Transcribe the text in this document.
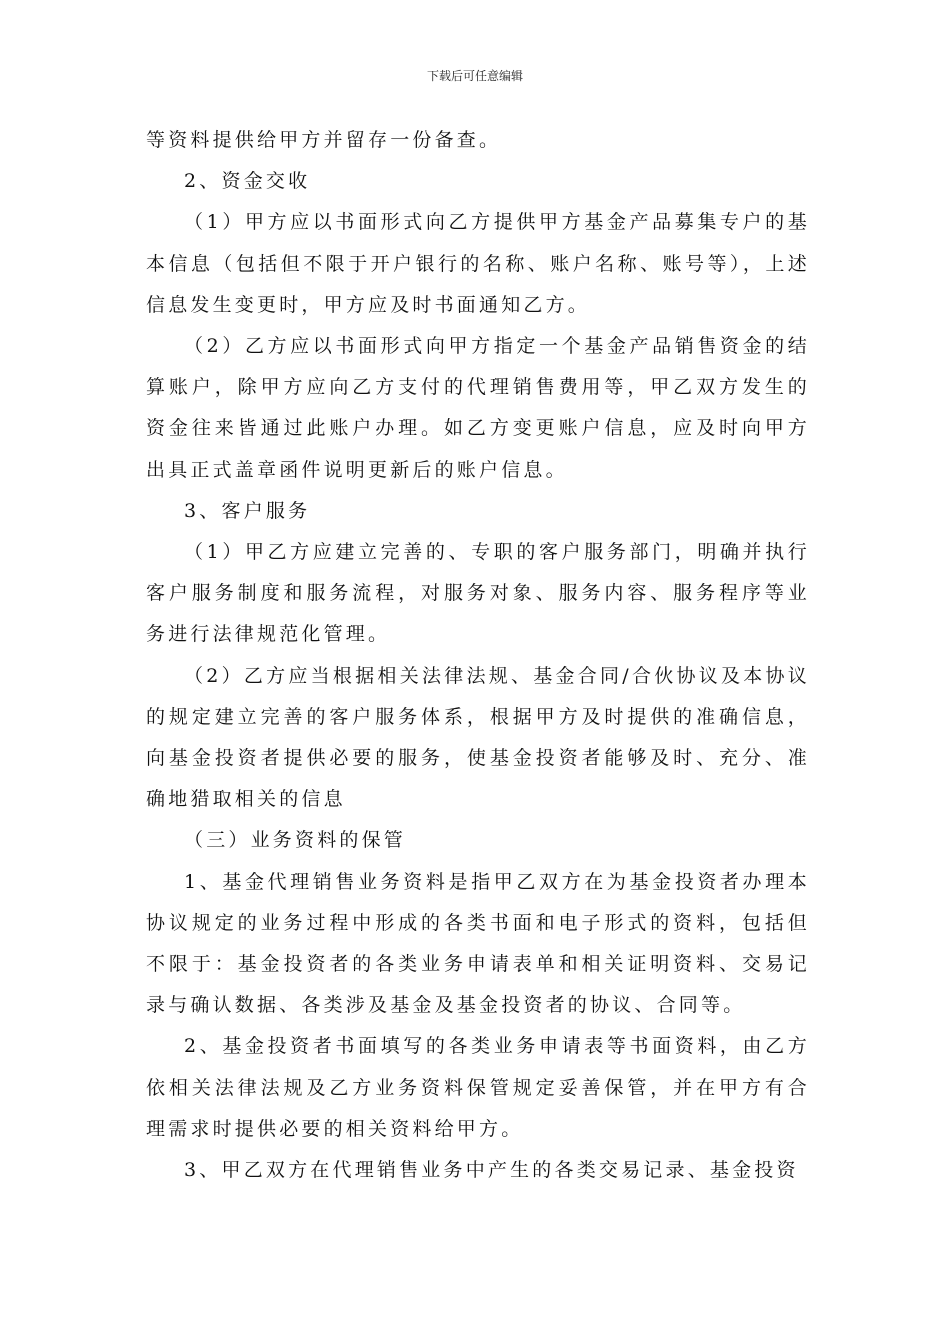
下载后可任意编辑

等资料提供给甲方并留存一份备查。

2、资金交收

（1）甲方应以书面形式向乙方提供甲方基金产品募集专户的基本信息（包括但不限于开户银行的名称、账户名称、账号等），上述信息发生变更时，甲方应及时书面通知乙方。

（2）乙方应以书面形式向甲方指定一个基金产品销售资金的结算账户，除甲方应向乙方支付的代理销售费用等，甲乙双方发生的资金往来皆通过此账户办理。如乙方变更账户信息，应及时向甲方出具正式盖章函件说明更新后的账户信息。

3、客户服务

（1）甲乙方应建立完善的、专职的客户服务部门，明确并执行客户服务制度和服务流程，对服务对象、服务内容、服务程序等业务进行法律规范化管理。

（2）乙方应当根据相关法律法规、基金合同/合伙协议及本协议的规定建立完善的客户服务体系，根据甲方及时提供的准确信息，向基金投资者提供必要的服务，使基金投资者能够及时、充分、准确地猎取相关的信息

（三）业务资料的保管

1、基金代理销售业务资料是指甲乙双方在为基金投资者办理本协议规定的业务过程中形成的各类书面和电子形式的资料，包括但不限于：基金投资者的各类业务申请表单和相关证明资料、交易记录与确认数据、各类涉及基金及基金投资者的协议、合同等。

2、基金投资者书面填写的各类业务申请表等书面资料，由乙方依相关法律法规及乙方业务资料保管规定妥善保管，并在甲方有合理需求时提供必要的相关资料给甲方。

3、甲乙双方在代理销售业务中产生的各类交易记录、基金投资
